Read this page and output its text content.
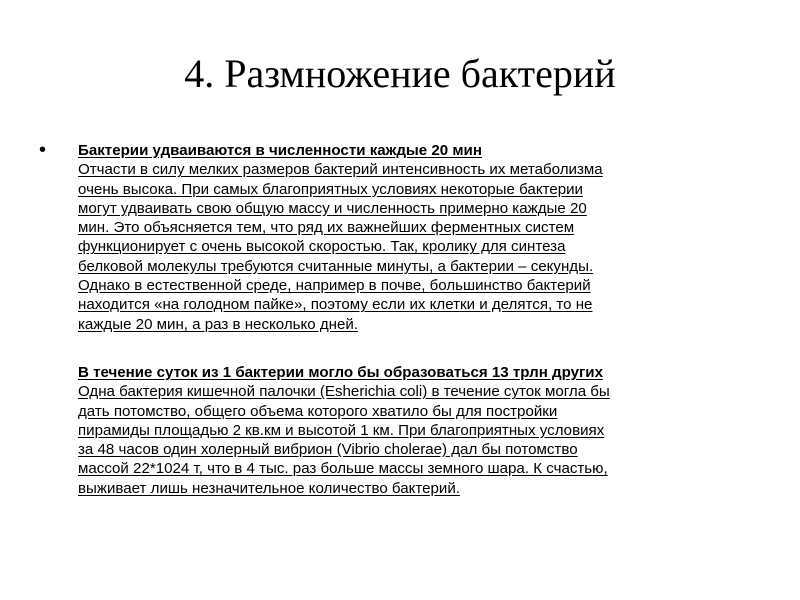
4. Размножение бактерий
• Бактерии удваиваются в численности каждые 20 мин
Отчасти в силу мелких размеров бактерий интенсивность их метаболизма
очень высока. При самых благоприятных условиях некоторые бактерии
могут удваивать свою общую массу и численность примерно каждые 20
мин. Это объясняется тем, что ряд их важнейших ферментных систем
функционирует с очень высокой скоростью. Так, кролику для синтеза
белковой молекулы требуются считанные минуты, а бактерии – секунды.
Однако в естественной среде, например в почве, большинство бактерий
находится «на голодном пайке», поэтому если их клетки и делятся, то не
каждые 20 мин, а раз в несколько дней.
В течение суток из 1 бактерии могло бы образоваться 13 трлн других
Одна бактерия кишечной палочки (Esherichia coli) в течение суток могла бы
дать потомство, общего объема которого хватило бы для постройки
пирамиды площадью 2 кв.км и высотой 1 км. При благоприятных условиях
за 48 часов один холерный вибрион (Vibrio cholerae) дал бы потомство
массой 22*1024 т, что в 4 тыс. раз больше массы земного шара. К счастью,
выживает лишь незначительное количество бактерий.
